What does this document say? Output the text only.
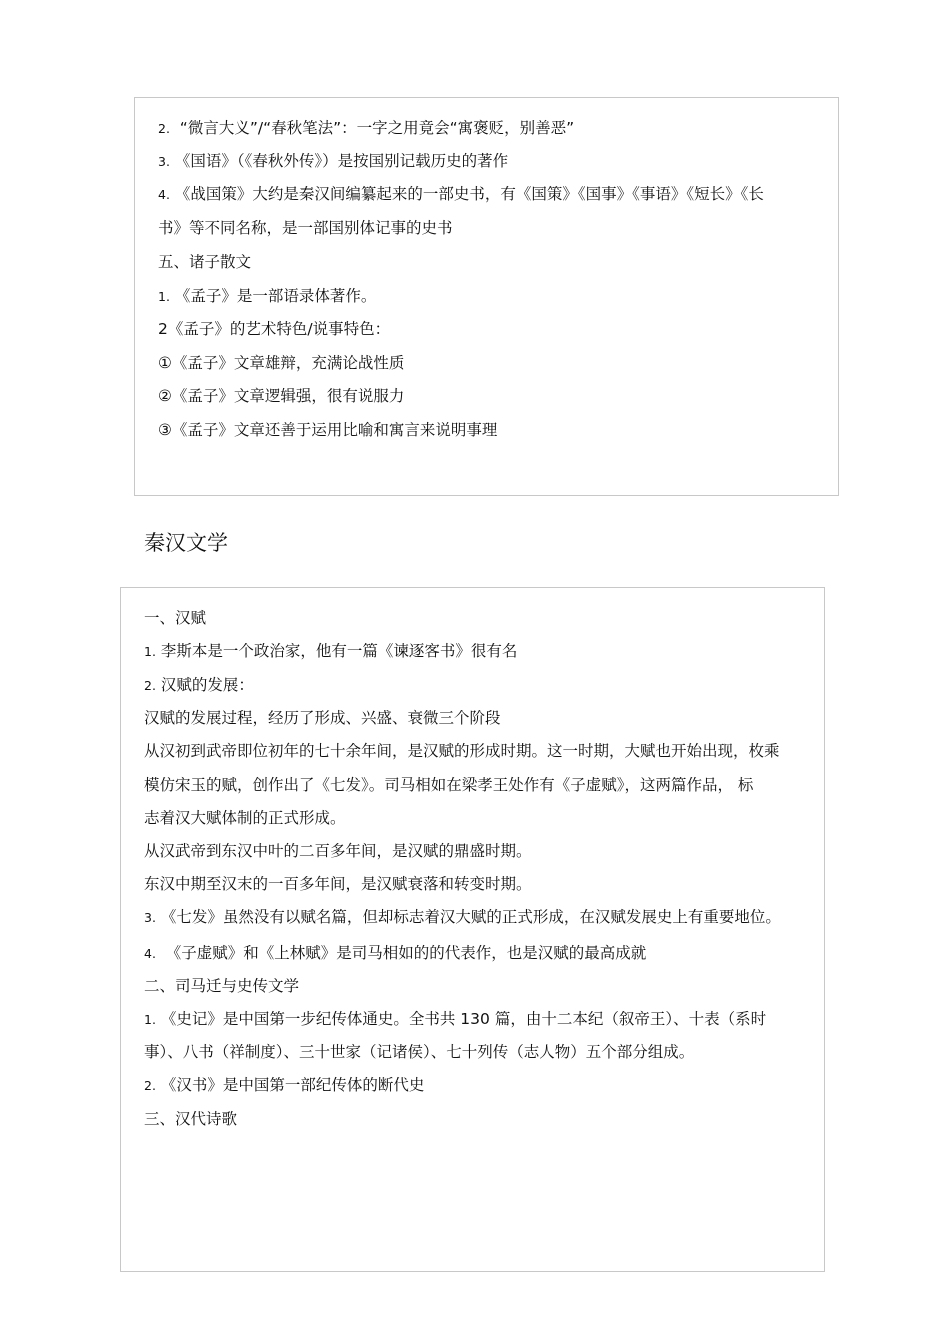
2. “微言大义”/“春秋笔法”：一字之用竟会“寓褒贬，别善恶”
3. 《国语》（《春秋外传》）是按国别记载历史的著作
4. 《战国策》大约是秦汉间编纂起来的一部史书，有《国策》《国事》《事语》《短长》《长
书》等不同名称，是一部国别体记事的史书
五、诸子散文
1. 《孟子》是一部语录体著作。
2《孟子》的艺术特色/说事特色：
①《孟子》文章雄辩，充满论战性质
②《孟子》文章逻辑强，很有说服力
③《孟子》文章还善于运用比喻和寓言来说明事理
秦汉文学
一、汉赋
1. 李斯本是一个政治家，他有一篇《谏逐客书》很有名
2. 汉赋的发展：
汉赋的发展过程，经历了形成、兴盛、衰微三个阶段
从汉初到武帝即位初年的七十余年间，是汉赋的形成时期。这一时期，大赋也开始出现，枚乘
模仿宋玉的赋，创作出了《七发》。司马相如在梁孝王处作有《子虚赋》，这两篇作品， 标
志着汉大赋体制的正式形成。
从汉武帝到东汉中叶的二百多年间，是汉赋的鼎盛时期。
东汉中期至汉末的一百多年间，是汉赋衰落和转变时期。
3. 《七发》虽然没有以赋名篇，但却标志着汉大赋的正式形成，在汉赋发展史上有重要地位。
4.  《子虚赋》和《上林赋》是司马相如的的代表作，也是汉赋的最高成就
二、司马迁与史传文学
1. 《史记》是中国第一步纪传体通史。全书共 130 篇，由十二本纪（叙帝王）、十表（系时
事）、八书（祥制度）、三十世家（记诸侯）、七十列传（志人物）五个部分组成。
2. 《汉书》是中国第一部纪传体的断代史
三、汉代诗歌
